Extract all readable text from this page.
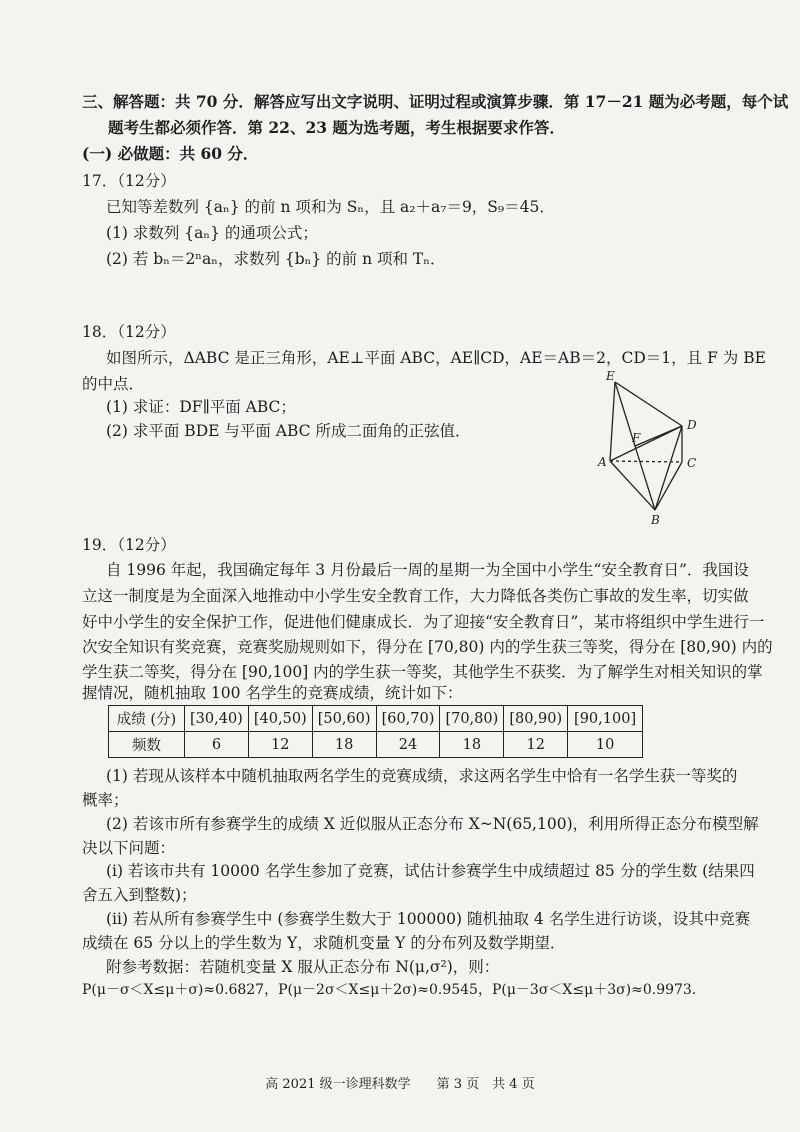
三、解答题：共 70 分．解答应写出文字说明、证明过程或演算步骤．第 17－21 题为必考题，每个试
题考生都必须作答．第 22、23 题为选考题，考生根据要求作答．
(一) 必做题：共 60 分．
17．（12分）
已知等差数列 {aₙ} 的前 n 项和为 Sₙ，且 a₂＋a₇＝9，S₉＝45．
(1) 求数列 {aₙ} 的通项公式；
(2) 若 bₙ＝2ⁿaₙ，求数列 {bₙ} 的前 n 项和 Tₙ．
18．（12分）
如图所示，ΔABC 是正三角形，AE⊥平面 ABC，AE∥CD，AE＝AB＝2，CD＝1，且 F 为 BE
的中点．
(1) 求证：DF∥平面 ABC；
(2) 求平面 BDE 与平面 ABC 所成二面角的正弦值．
E
D
F
A	C
B
19．（12分）
自 1996 年起，我国确定每年 3 月份最后一周的星期一为全国中小学生“安全教育日”．我国设
立这一制度是为全面深入地推动中小学生安全教育工作，大力降低各类伤亡事故的发生率，切实做
好中小学生的安全保护工作，促进他们健康成长．为了迎接“安全教育日”，某市将组织中学生进行一
次安全知识有奖竞赛，竞赛奖励规则如下，得分在 [70,80) 内的学生获三等奖，得分在 [80,90) 内的
学生获二等奖，得分在 [90,100] 内的学生获一等奖，其他学生不获奖．为了解学生对相关知识的掌
握情况，随机抽取 100 名学生的竞赛成绩，统计如下：
成绩 (分)	[30,40)	[40,50)	[50,60)	[60,70)	[70,80)	[80,90)	[90,100]
频数	6	12	18	24	18	12	10
(1) 若现从该样本中随机抽取两名学生的竞赛成绩，求这两名学生中恰有一名学生获一等奖的
概率；
(2) 若该市所有参赛学生的成绩 X 近似服从正态分布 X~N(65,100)，利用所得正态分布模型解
决以下问题：
(ⅰ) 若该市共有 10000 名学生参加了竞赛，试估计参赛学生中成绩超过 85 分的学生数 (结果四
舍五入到整数)；
(ⅱ) 若从所有参赛学生中 (参赛学生数大于 100000) 随机抽取 4 名学生进行访谈，设其中竞赛
成绩在 65 分以上的学生数为 Y，求随机变量 Y 的分布列及数学期望．
附参考数据：若随机变量 X 服从正态分布 N(μ,σ²)，则：
P(μ－σ＜X≤μ＋σ)≈0.6827，P(μ－2σ＜X≤μ＋2σ)≈0.9545，P(μ－3σ＜X≤μ＋3σ)≈0.9973．
高 2021 级一诊理科数学　　第 3 页　共 4 页
